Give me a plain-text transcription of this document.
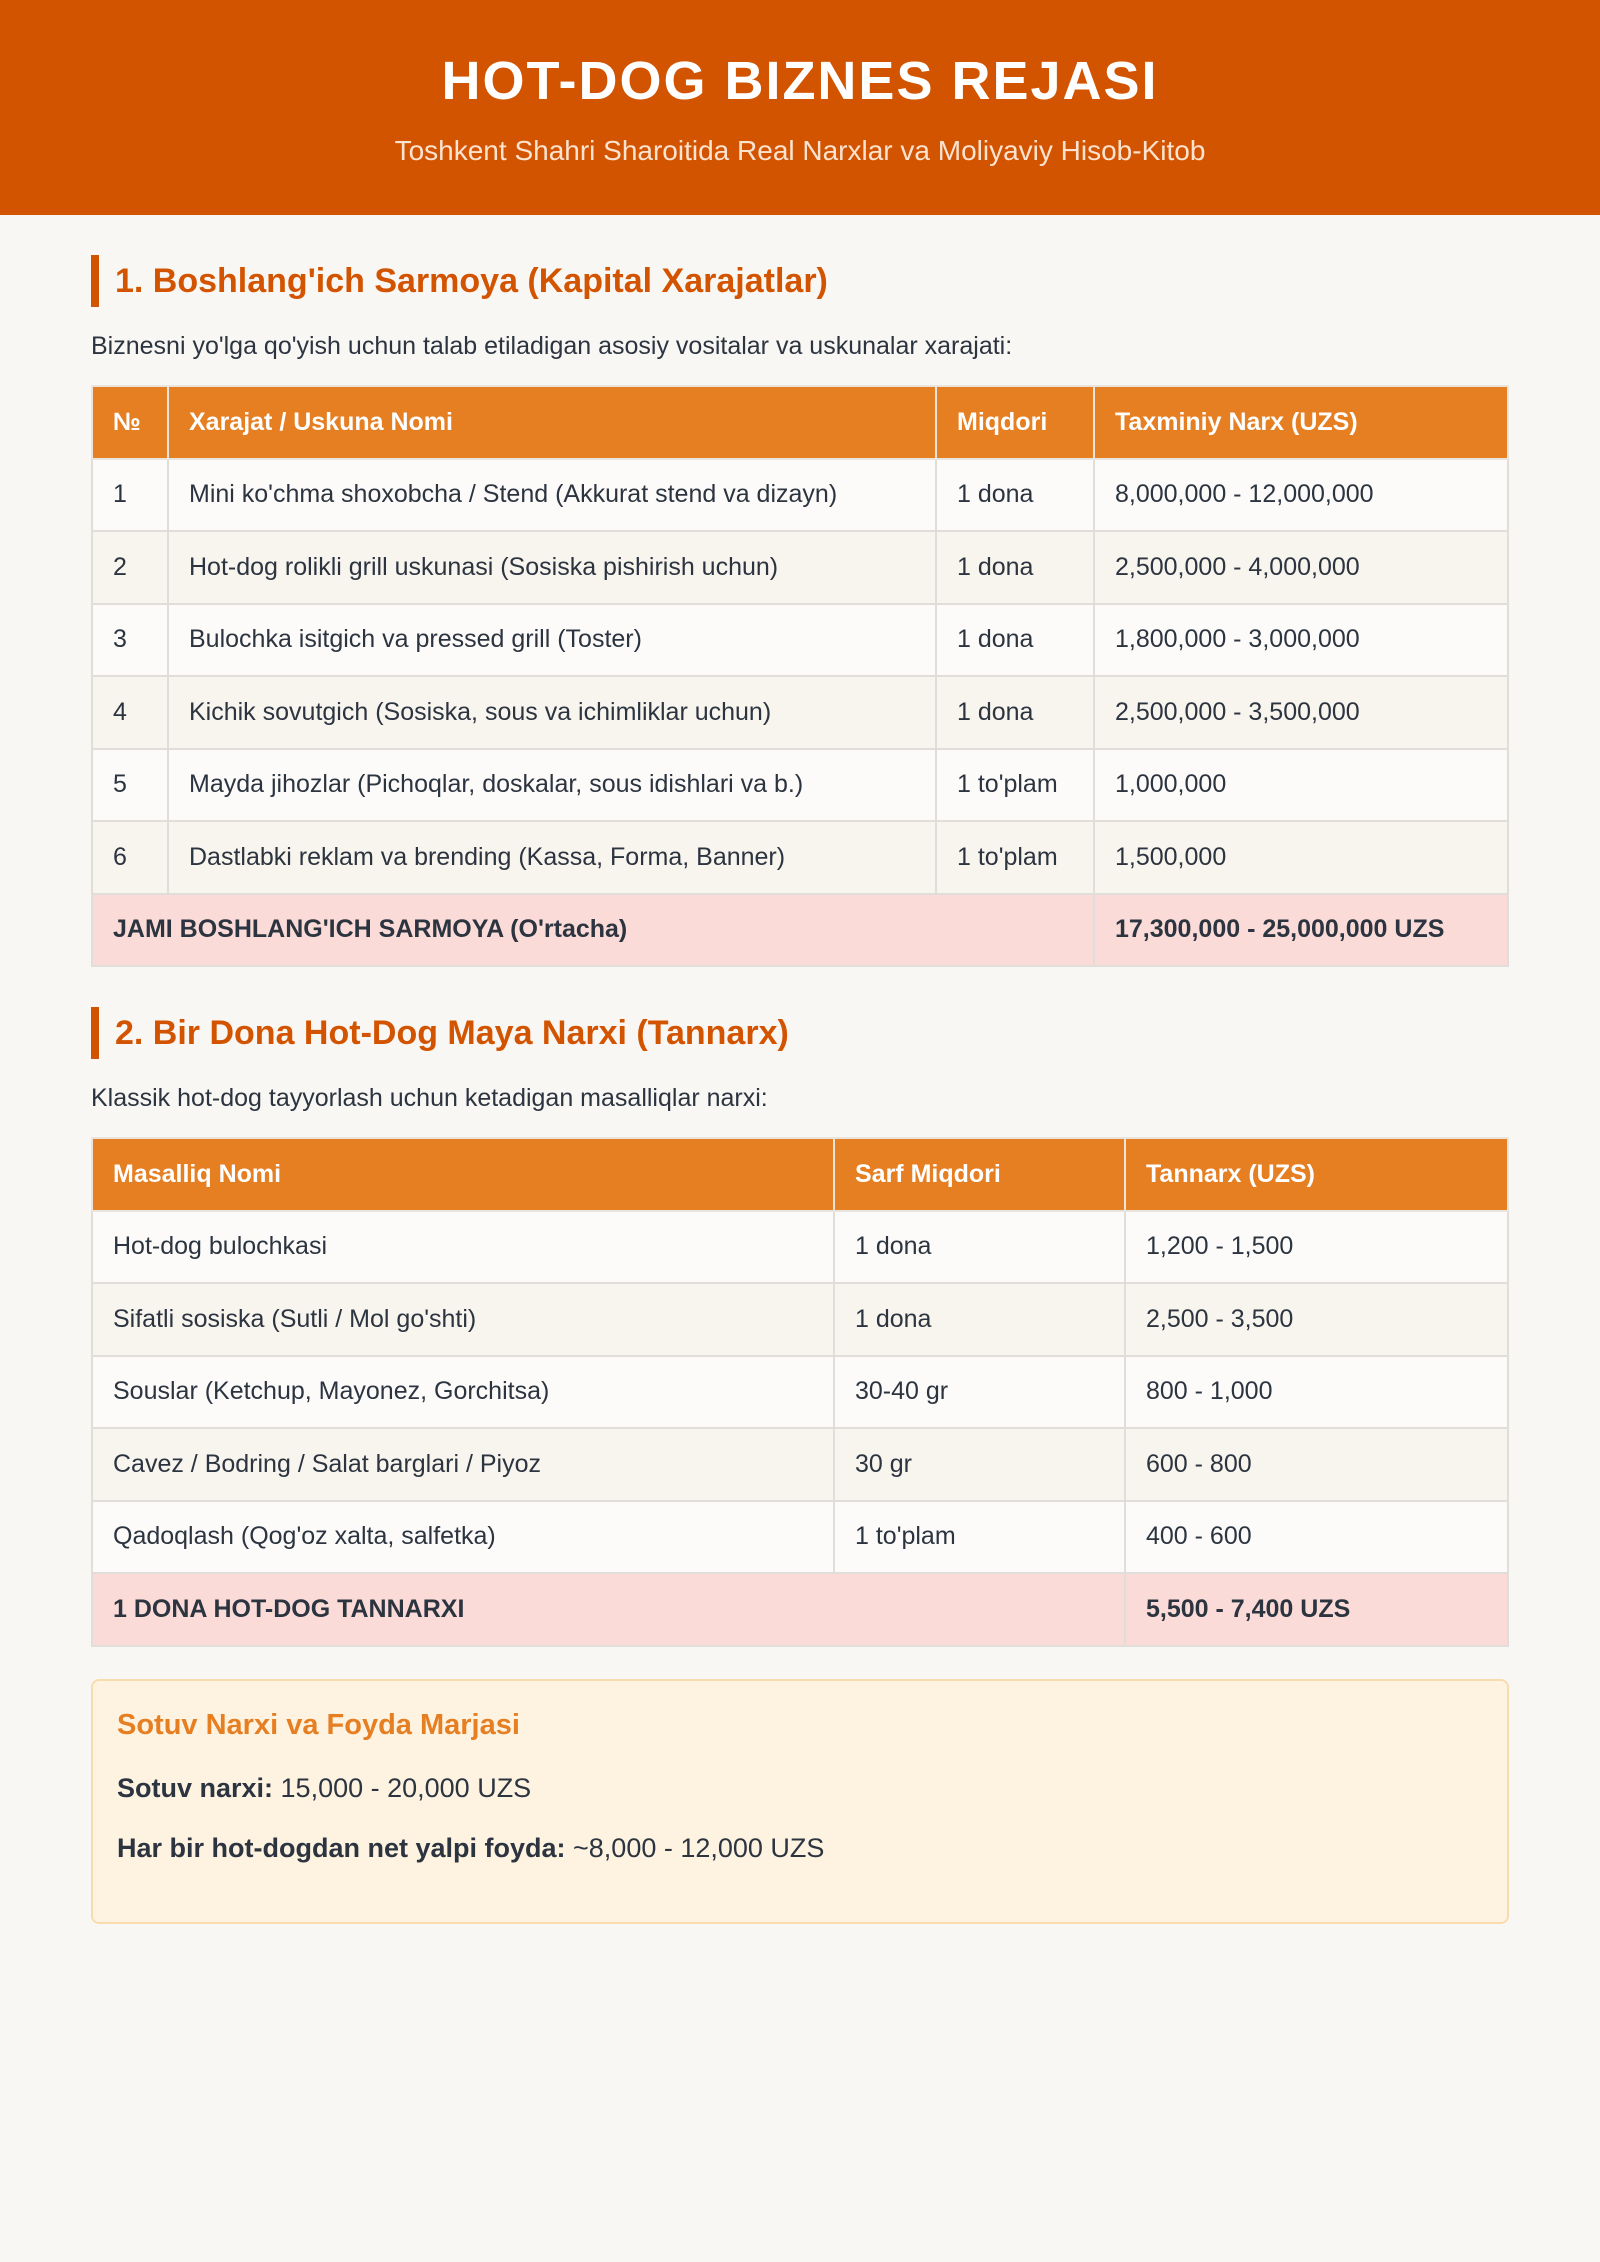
HOT-DOG BIZNES REJASI
Toshkent Shahri Sharoitida Real Narxlar va Moliyaviy Hisob-Kitob
1. Boshlang'ich Sarmoya (Kapital Xarajatlar)

Biznesni yo'lga qo'yish uchun talab etiladigan asosiy vositalar va uskunalar xarajati:

№	Xarajat / Uskuna Nomi	Miqdori	Taxminiy Narx (UZS)
1	Mini ko'chma shoxobcha / Stend (Akkurat stend va dizayn)	1 dona	8,000,000 - 12,000,000
2	Hot-dog rolikli grill uskunasi (Sosiska pishirish uchun)	1 dona	2,500,000 - 4,000,000
3	Bulochka isitgich va pressed grill (Toster)	1 dona	1,800,000 - 3,000,000
4	Kichik sovutgich (Sosiska, sous va ichimliklar uchun)	1 dona	2,500,000 - 3,500,000
5	Mayda jihozlar (Pichoqlar, doskalar, sous idishlari va b.)	1 to'plam	1,000,000
6	Dastlabki reklam va brending (Kassa, Forma, Banner)	1 to'plam	1,500,000
JAMI BOSHLANG'ICH SARMOYA (O'rtacha)			17,300,000 - 25,000,000 UZS
2. Bir Dona Hot-Dog Maya Narxi (Tannarx)

Klassik hot-dog tayyorlash uchun ketadigan masalliqlar narxi:

Masalliq Nomi	Sarf Miqdori	Tannarx (UZS)
Hot-dog bulochkasi	1 dona	1,200 - 1,500
Sifatli sosiska (Sutli / Mol go'shti)	1 dona	2,500 - 3,500
Souslar (Ketchup, Mayonez, Gorchitsa)	30-40 gr	800 - 1,000
Cavez / Bodring / Salat barglari / Piyoz	30 gr	600 - 800
Qadoqlash (Qog'oz xalta, salfetka)	1 to'plam	400 - 600
1 DONA HOT-DOG TANNARXI		5,500 - 7,400 UZS
Sotuv Narxi va Foyda Marjasi

Sotuv narxi: 15,000 - 20,000 UZS

Har bir hot-dogdan net yalpi foyda: ~8,000 - 12,000 UZS
